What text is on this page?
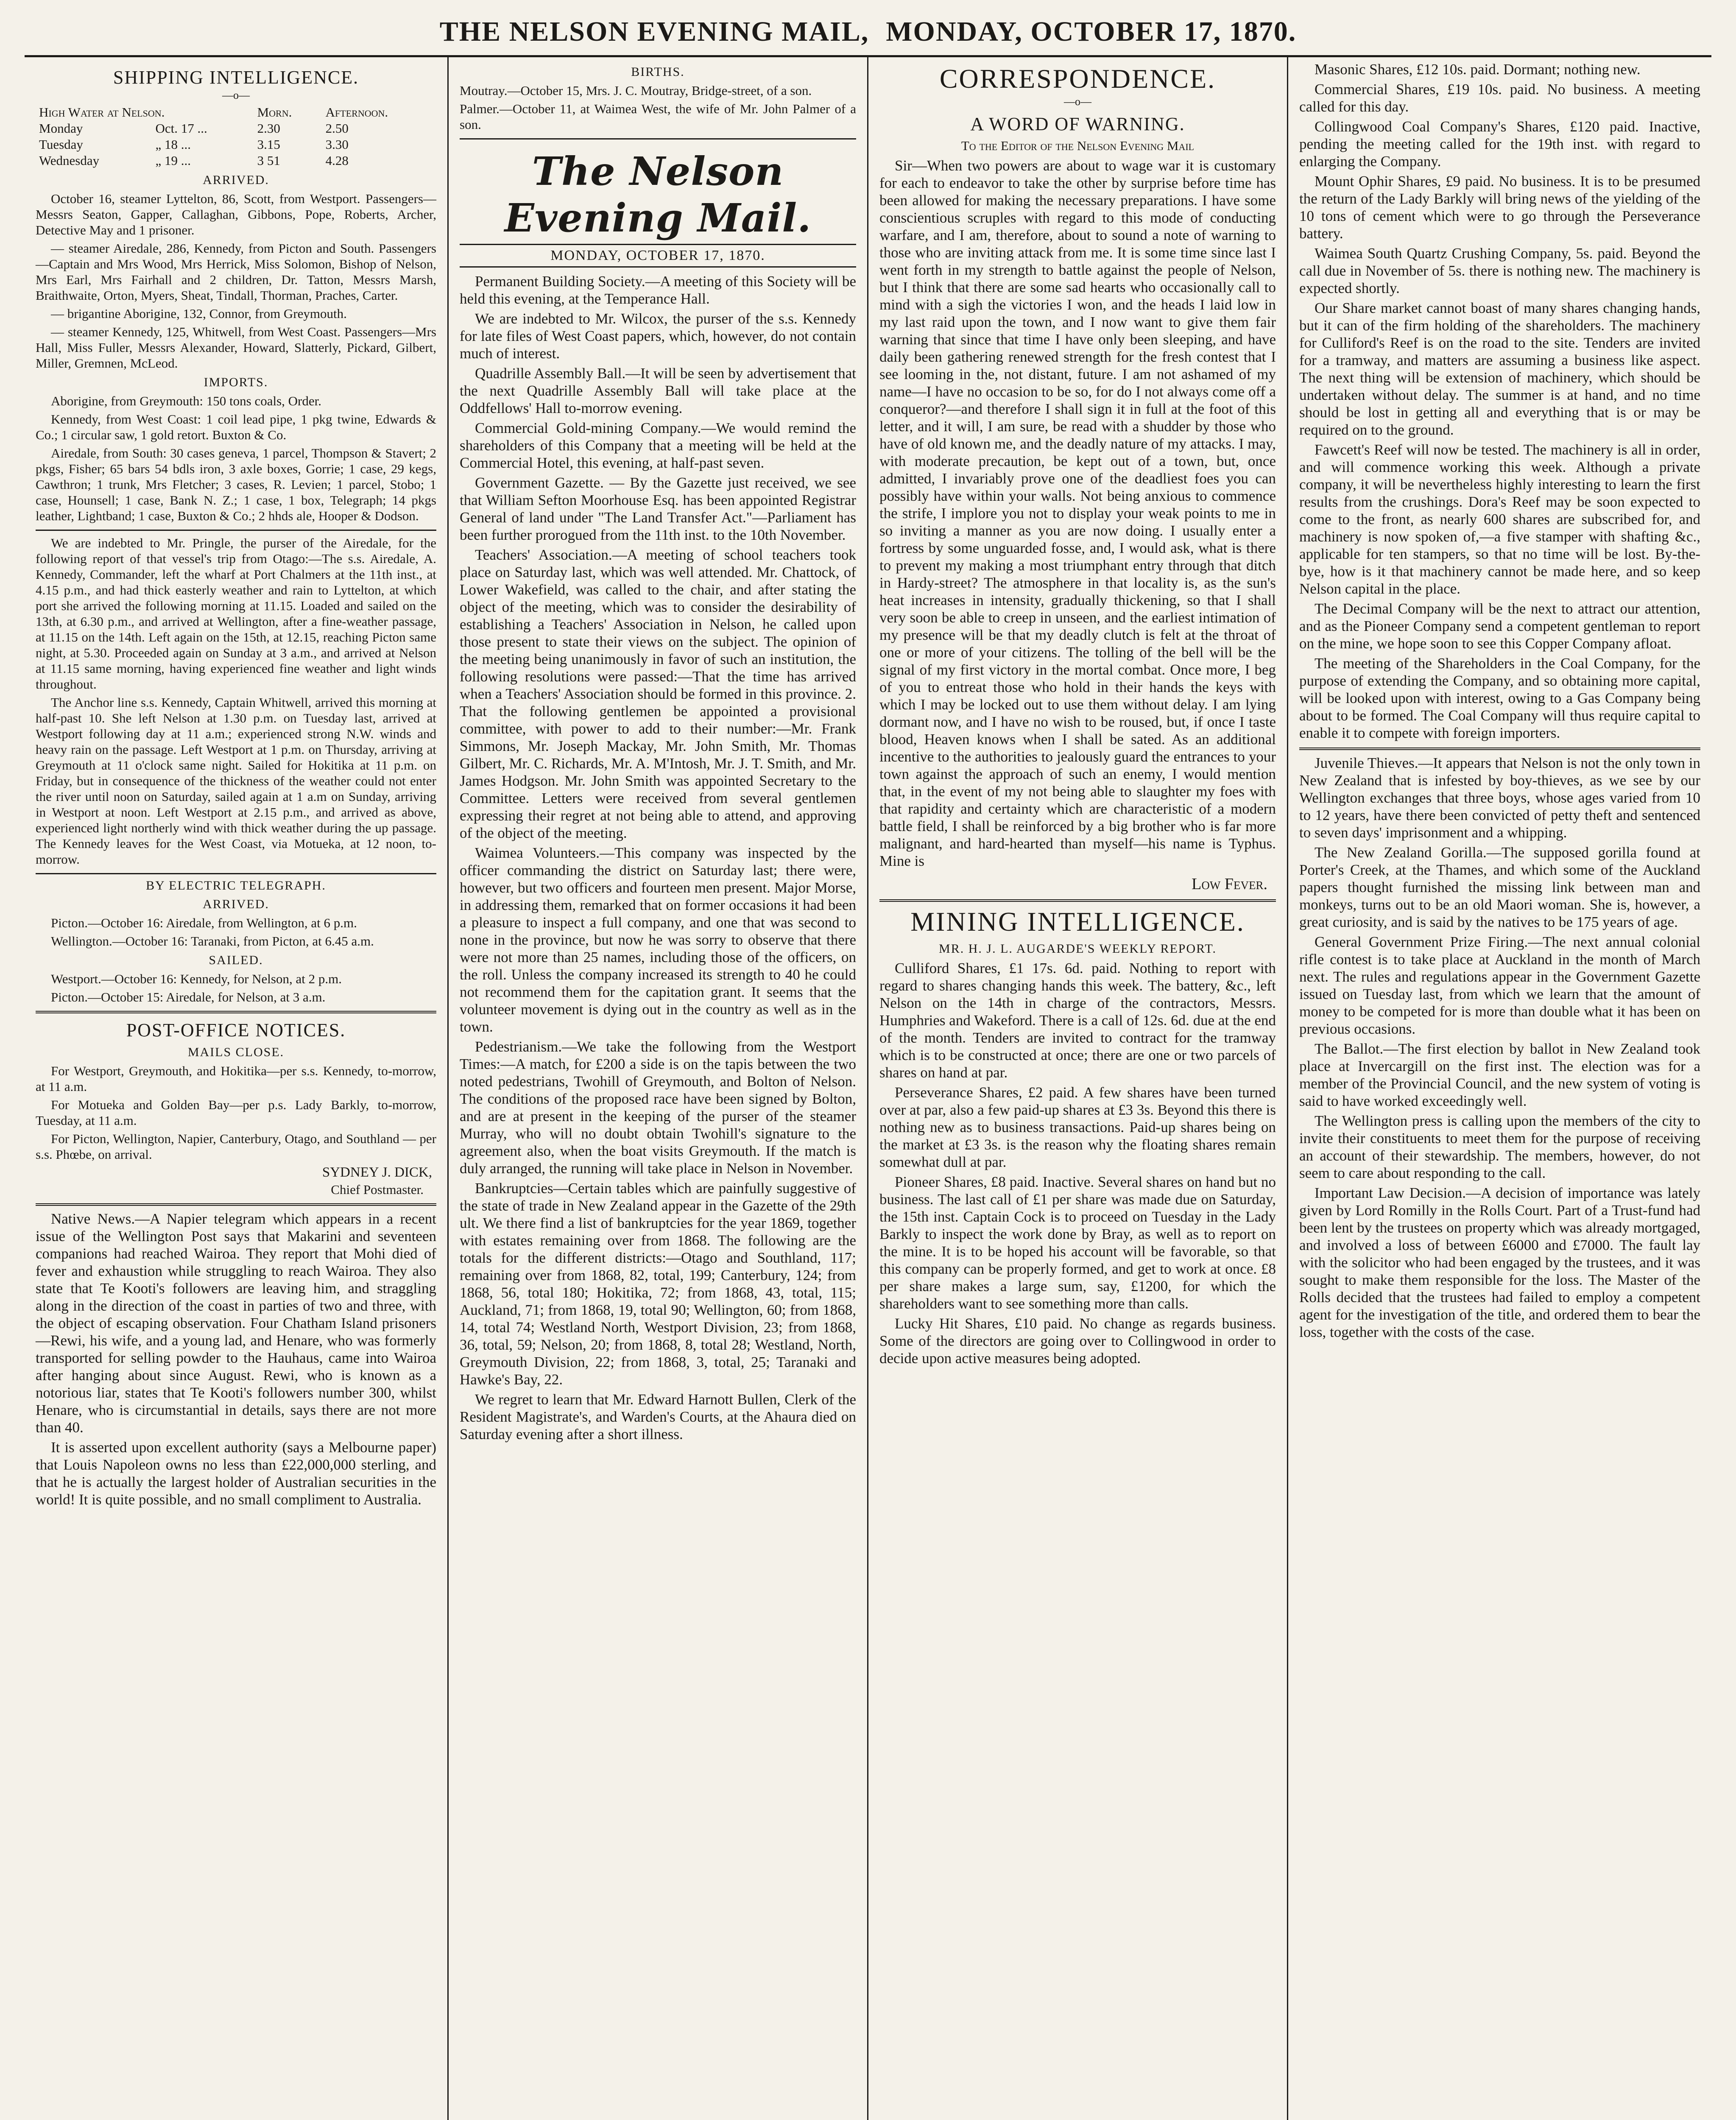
THE NELSON EVENING MAIL, MONDAY, OCTOBER 17, 1870.
SHIPPING INTELLIGENCE.
—o—
High Water at Nelson.		Morn.	Afternoon.
Monday	Oct. 17 ...	2.30	2.50
Tuesday	„ 18 ...	3.15	3.30
Wednesday	„ 19 ...	3 51	4.28
ARRIVED.

October 16, steamer Lyttelton, 86, Scott, from Westport. Passengers—Messrs Seaton, Gapper, Callaghan, Gibbons, Pope, Roberts, Archer, Detective May and 1 prisoner.

— steamer Airedale, 286, Kennedy, from Picton and South. Passengers—Captain and Mrs Wood, Mrs Herrick, Miss Solomon, Bishop of Nelson, Mrs Earl, Mrs Fairhall and 2 children, Dr. Tatton, Messrs Marsh, Braithwaite, Orton, Myers, Sheat, Tindall, Thorman, Praches, Carter.

— brigantine Aborigine, 132, Connor, from Greymouth.

— steamer Kennedy, 125, Whitwell, from West Coast. Passengers—Mrs Hall, Miss Fuller, Messrs Alexander, Howard, Slatterly, Pickard, Gilbert, Miller, Gremnen, McLeod.

IMPORTS.

Aborigine, from Greymouth: 150 tons coals, Order.

Kennedy, from West Coast: 1 coil lead pipe, 1 pkg twine, Edwards & Co.; 1 circular saw, 1 gold retort. Buxton & Co.

Airedale, from South: 30 cases geneva, 1 parcel, Thompson & Stavert; 2 pkgs, Fisher; 65 bars 54 bdls iron, 3 axle boxes, Gorrie; 1 case, 29 kegs, Cawthron; 1 trunk, Mrs Fletcher; 3 cases, R. Levien; 1 parcel, Stobo; 1 case, Hounsell; 1 case, Bank N. Z.; 1 case, 1 box, Telegraph; 14 pkgs leather, Lightband; 1 case, Buxton & Co.; 2 hhds ale, Hooper & Dodson.

We are indebted to Mr. Pringle, the purser of the Airedale, for the following report of that vessel's trip from Otago:—The s.s. Airedale, A. Kennedy, Commander, left the wharf at Port Chalmers at the 11th inst., at 4.15 p.m., and had thick easterly weather and rain to Lyttelton, at which port she arrived the following morning at 11.15. Loaded and sailed on the 13th, at 6.30 p.m., and arrived at Wellington, after a fine-weather passage, at 11.15 on the 14th. Left again on the 15th, at 12.15, reaching Picton same night, at 5.30. Proceeded again on Sunday at 3 a.m., and arrived at Nelson at 11.15 same morning, having experienced fine weather and light winds throughout.

The Anchor line s.s. Kennedy, Captain Whitwell, arrived this morning at half-past 10. She left Nelson at 1.30 p.m. on Tuesday last, arrived at Westport following day at 11 a.m.; experienced strong N.W. winds and heavy rain on the passage. Left Westport at 1 p.m. on Thursday, arriving at Greymouth at 11 o'clock same night. Sailed for Hokitika at 11 p.m. on Friday, but in consequence of the thickness of the weather could not enter the river until noon on Saturday, sailed again at 1 a.m on Sunday, arriving in Westport at noon. Left Westport at 2.15 p.m., and arrived as above, experienced light northerly wind with thick weather during the up passage. The Kennedy leaves for the West Coast, via Motueka, at 12 noon, to-morrow.

BY ELECTRIC TELEGRAPH.
ARRIVED.

Picton.—October 16: Airedale, from Wellington, at 6 p.m.

Wellington.—October 16: Taranaki, from Picton, at 6.45 a.m.

SAILED.

Westport.—October 16: Kennedy, for Nelson, at 2 p.m.

Picton.—October 15: Airedale, for Nelson, at 3 a.m.

POST-OFFICE NOTICES.
MAILS CLOSE.

For Westport, Greymouth, and Hokitika—per s.s. Kennedy, to-morrow, at 11 a.m.

For Motueka and Golden Bay—per p.s. Lady Barkly, to-morrow, Tuesday, at 11 a.m.

For Picton, Wellington, Napier, Canterbury, Otago, and Southland — per s.s. Phœbe, on arrival.

SYDNEY J. DICK,
Chief Postmaster.

Native News.—A Napier telegram which appears in a recent issue of the Wellington Post says that Makarini and seventeen companions had reached Wairoa. They report that Mohi died of fever and exhaustion while struggling to reach Wairoa. They also state that Te Kooti's followers are leaving him, and straggling along in the direction of the coast in parties of two and three, with the object of escaping observation. Four Chatham Island prisoners—Rewi, his wife, and a young lad, and Henare, who was formerly transported for selling powder to the Hauhaus, came into Wairoa after hanging about since August. Rewi, who is known as a notorious liar, states that Te Kooti's followers number 300, whilst Henare, who is circumstantial in details, says there are not more than 40.

It is asserted upon excellent authority (says a Melbourne paper) that Louis Napoleon owns no less than £22,000,000 sterling, and that he is actually the largest holder of Australian securities in the world! It is quite possible, and no small compliment to Australia.

BIRTHS.

Moutray.—October 15, Mrs. J. C. Moutray, Bridge-street, of a son.

Palmer.—October 11, at Waimea West, the wife of Mr. John Palmer of a son.

The Nelson Evening Mail.
MONDAY, OCTOBER 17, 1870.

Permanent Building Society.—A meeting of this Society will be held this evening, at the Temperance Hall.

We are indebted to Mr. Wilcox, the purser of the s.s. Kennedy for late files of West Coast papers, which, however, do not contain much of interest.

Quadrille Assembly Ball.—It will be seen by advertisement that the next Quadrille Assembly Ball will take place at the Oddfellows' Hall to-morrow evening.

Commercial Gold-mining Company.—We would remind the shareholders of this Company that a meeting will be held at the Commercial Hotel, this evening, at half-past seven.

Government Gazette. — By the Gazette just received, we see that William Sefton Moorhouse Esq. has been appointed Registrar General of land under "The Land Transfer Act."—Parliament has been further prorogued from the 11th inst. to the 10th November.

Teachers' Association.—A meeting of school teachers took place on Saturday last, which was well attended. Mr. Chattock, of Lower Wakefield, was called to the chair, and after stating the object of the meeting, which was to consider the desirability of establishing a Teachers' Association in Nelson, he called upon those present to state their views on the subject. The opinion of the meeting being unanimously in favor of such an institution, the following resolutions were passed:—That the time has arrived when a Teachers' Association should be formed in this province. 2. That the following gentlemen be appointed a provisional committee, with power to add to their number:—Mr. Frank Simmons, Mr. Joseph Mackay, Mr. John Smith, Mr. Thomas Gilbert, Mr. C. Richards, Mr. A. M'Intosh, Mr. J. T. Smith, and Mr. James Hodgson. Mr. John Smith was appointed Secretary to the Committee. Letters were received from several gentlemen expressing their regret at not being able to attend, and approving of the object of the meeting.

Waimea Volunteers.—This company was inspected by the officer commanding the district on Saturday last; there were, however, but two officers and fourteen men present. Major Morse, in addressing them, remarked that on former occasions it had been a pleasure to inspect a full company, and one that was second to none in the province, but now he was sorry to observe that there were not more than 25 names, including those of the officers, on the roll. Unless the company increased its strength to 40 he could not recommend them for the capitation grant. It seems that the volunteer movement is dying out in the country as well as in the town.

Pedestrianism.—We take the following from the Westport Times:—A match, for £200 a side is on the tapis between the two noted pedestrians, Twohill of Greymouth, and Bolton of Nelson. The conditions of the proposed race have been signed by Bolton, and are at present in the keeping of the purser of the steamer Murray, who will no doubt obtain Twohill's signature to the agreement also, when the boat visits Greymouth. If the match is duly arranged, the running will take place in Nelson in November.

Bankruptcies—Certain tables which are painfully suggestive of the state of trade in New Zealand appear in the Gazette of the 29th ult. We there find a list of bankruptcies for the year 1869, together with estates remaining over from 1868. The following are the totals for the different districts:—Otago and Southland, 117; remaining over from 1868, 82, total, 199; Canterbury, 124; from 1868, 56, total 180; Hokitika, 72; from 1868, 43, total, 115; Auckland, 71; from 1868, 19, total 90; Wellington, 60; from 1868, 14, total 74; Westland North, Westport Division, 23; from 1868, 36, total, 59; Nelson, 20; from 1868, 8, total 28; Westland, North, Greymouth Division, 22; from 1868, 3, total, 25; Taranaki and Hawke's Bay, 22.

We regret to learn that Mr. Edward Harnott Bullen, Clerk of the Resident Magistrate's, and Warden's Courts, at the Ahaura died on Saturday evening after a short illness.

CORRESPONDENCE.
—o—
A WORD OF WARNING.
To the Editor of the Nelson Evening Mail

Sir—When two powers are about to wage war it is customary for each to endeavor to take the other by surprise before time has been allowed for making the necessary preparations. I have some conscientious scruples with regard to this mode of conducting warfare, and I am, therefore, about to sound a note of warning to those who are inviting attack from me. It is some time since last I went forth in my strength to battle against the people of Nelson, but I think that there are some sad hearts who occasionally call to mind with a sigh the victories I won, and the heads I laid low in my last raid upon the town, and I now want to give them fair warning that since that time I have only been sleeping, and have daily been gathering renewed strength for the fresh contest that I see looming in the, not distant, future. I am not ashamed of my name—I have no occasion to be so, for do I not always come off a conqueror?—and therefore I shall sign it in full at the foot of this letter, and it will, I am sure, be read with a shudder by those who have of old known me, and the deadly nature of my attacks. I may, with moderate precaution, be kept out of a town, but, once admitted, I invariably prove one of the deadliest foes you can possibly have within your walls. Not being anxious to commence the strife, I implore you not to display your weak points to me in so inviting a manner as you are now doing. I usually enter a fortress by some unguarded fosse, and, I would ask, what is there to prevent my making a most triumphant entry through that ditch in Hardy-street? The atmosphere in that locality is, as the sun's heat increases in intensity, gradually thickening, so that I shall very soon be able to creep in unseen, and the earliest intimation of my presence will be that my deadly clutch is felt at the throat of one or more of your citizens. The tolling of the bell will be the signal of my first victory in the mortal combat. Once more, I beg of you to entreat those who hold in their hands the keys with which I may be locked out to use them without delay. I am lying dormant now, and I have no wish to be roused, but, if once I taste blood, Heaven knows when I shall be sated. As an additional incentive to the authorities to jealously guard the entrances to your town against the approach of such an enemy, I would mention that, in the event of my not being able to slaughter my foes with that rapidity and certainty which are characteristic of a modern battle field, I shall be reinforced by a big brother who is far more malignant, and hard-hearted than myself—his name is Typhus. Mine is

Low Fever.
MINING INTELLIGENCE.
MR. H. J. L. AUGARDE'S WEEKLY REPORT.

Culliford Shares, £1 17s. 6d. paid. Nothing to report with regard to shares changing hands this week. The battery, &c., left Nelson on the 14th in charge of the contractors, Messrs. Humphries and Wakeford. There is a call of 12s. 6d. due at the end of the month. Tenders are invited to contract for the tramway which is to be constructed at once; there are one or two parcels of shares on hand at par.

Perseverance Shares, £2 paid. A few shares have been turned over at par, also a few paid-up shares at £3 3s. Beyond this there is nothing new as to business transactions. Paid-up shares being on the market at £3 3s. is the reason why the floating shares remain somewhat dull at par.

Pioneer Shares, £8 paid. Inactive. Several shares on hand but no business. The last call of £1 per share was made due on Saturday, the 15th inst. Captain Cock is to proceed on Tuesday in the Lady Barkly to inspect the work done by Bray, as well as to report on the mine. It is to be hoped his account will be favorable, so that this company can be properly formed, and get to work at once. £8 per share makes a large sum, say, £1200, for which the shareholders want to see something more than calls.

Lucky Hit Shares, £10 paid. No change as regards business. Some of the directors are going over to Collingwood in order to decide upon active measures being adopted.

Masonic Shares, £12 10s. paid. Dormant; nothing new.

Commercial Shares, £19 10s. paid. No business. A meeting called for this day.

Collingwood Coal Company's Shares, £120 paid. Inactive, pending the meeting called for the 19th inst. with regard to enlarging the Company.

Mount Ophir Shares, £9 paid. No business. It is to be presumed the return of the Lady Barkly will bring news of the yielding of the 10 tons of cement which were to go through the Perseverance battery.

Waimea South Quartz Crushing Company, 5s. paid. Beyond the call due in November of 5s. there is nothing new. The machinery is expected shortly.

Our Share market cannot boast of many shares changing hands, but it can of the firm holding of the shareholders. The machinery for Culliford's Reef is on the road to the site. Tenders are invited for a tramway, and matters are assuming a business like aspect. The next thing will be extension of machinery, which should be undertaken without delay. The summer is at hand, and no time should be lost in getting all and everything that is or may be required on to the ground.

Fawcett's Reef will now be tested. The machinery is all in order, and will commence working this week. Although a private company, it will be nevertheless highly interesting to learn the first results from the crushings. Dora's Reef may be soon expected to come to the front, as nearly 600 shares are subscribed for, and machinery is now spoken of,—a five stamper with shafting &c., applicable for ten stampers, so that no time will be lost. By-the-bye, how is it that machinery cannot be made here, and so keep Nelson capital in the place.

The Decimal Company will be the next to attract our attention, and as the Pioneer Company send a competent gentleman to report on the mine, we hope soon to see this Copper Company afloat.

The meeting of the Shareholders in the Coal Company, for the purpose of extending the Company, and so obtaining more capital, will be looked upon with interest, owing to a Gas Company being about to be formed. The Coal Company will thus require capital to enable it to compete with foreign importers.

Juvenile Thieves.—It appears that Nelson is not the only town in New Zealand that is infested by boy-thieves, as we see by our Wellington exchanges that three boys, whose ages varied from 10 to 12 years, have there been convicted of petty theft and sentenced to seven days' imprisonment and a whipping.

The New Zealand Gorilla.—The supposed gorilla found at Porter's Creek, at the Thames, and which some of the Auckland papers thought furnished the missing link between man and monkeys, turns out to be an old Maori woman. She is, however, a great curiosity, and is said by the natives to be 175 years of age.

General Government Prize Firing.—The next annual colonial rifle contest is to take place at Auckland in the month of March next. The rules and regulations appear in the Government Gazette issued on Tuesday last, from which we learn that the amount of money to be competed for is more than double what it has been on previous occasions.

The Ballot.—The first election by ballot in New Zealand took place at Invercargill on the first inst. The election was for a member of the Provincial Council, and the new system of voting is said to have worked exceedingly well.

The Wellington press is calling upon the members of the city to invite their constituents to meet them for the purpose of receiving an account of their stewardship. The members, however, do not seem to care about responding to the call.

Important Law Decision.—A decision of importance was lately given by Lord Romilly in the Rolls Court. Part of a Trust-fund had been lent by the trustees on property which was already mortgaged, and involved a loss of between £6000 and £7000. The fault lay with the solicitor who had been engaged by the trustees, and it was sought to make them responsible for the loss. The Master of the Rolls decided that the trustees had failed to employ a competent agent for the investigation of the title, and ordered them to bear the loss, together with the costs of the case.
